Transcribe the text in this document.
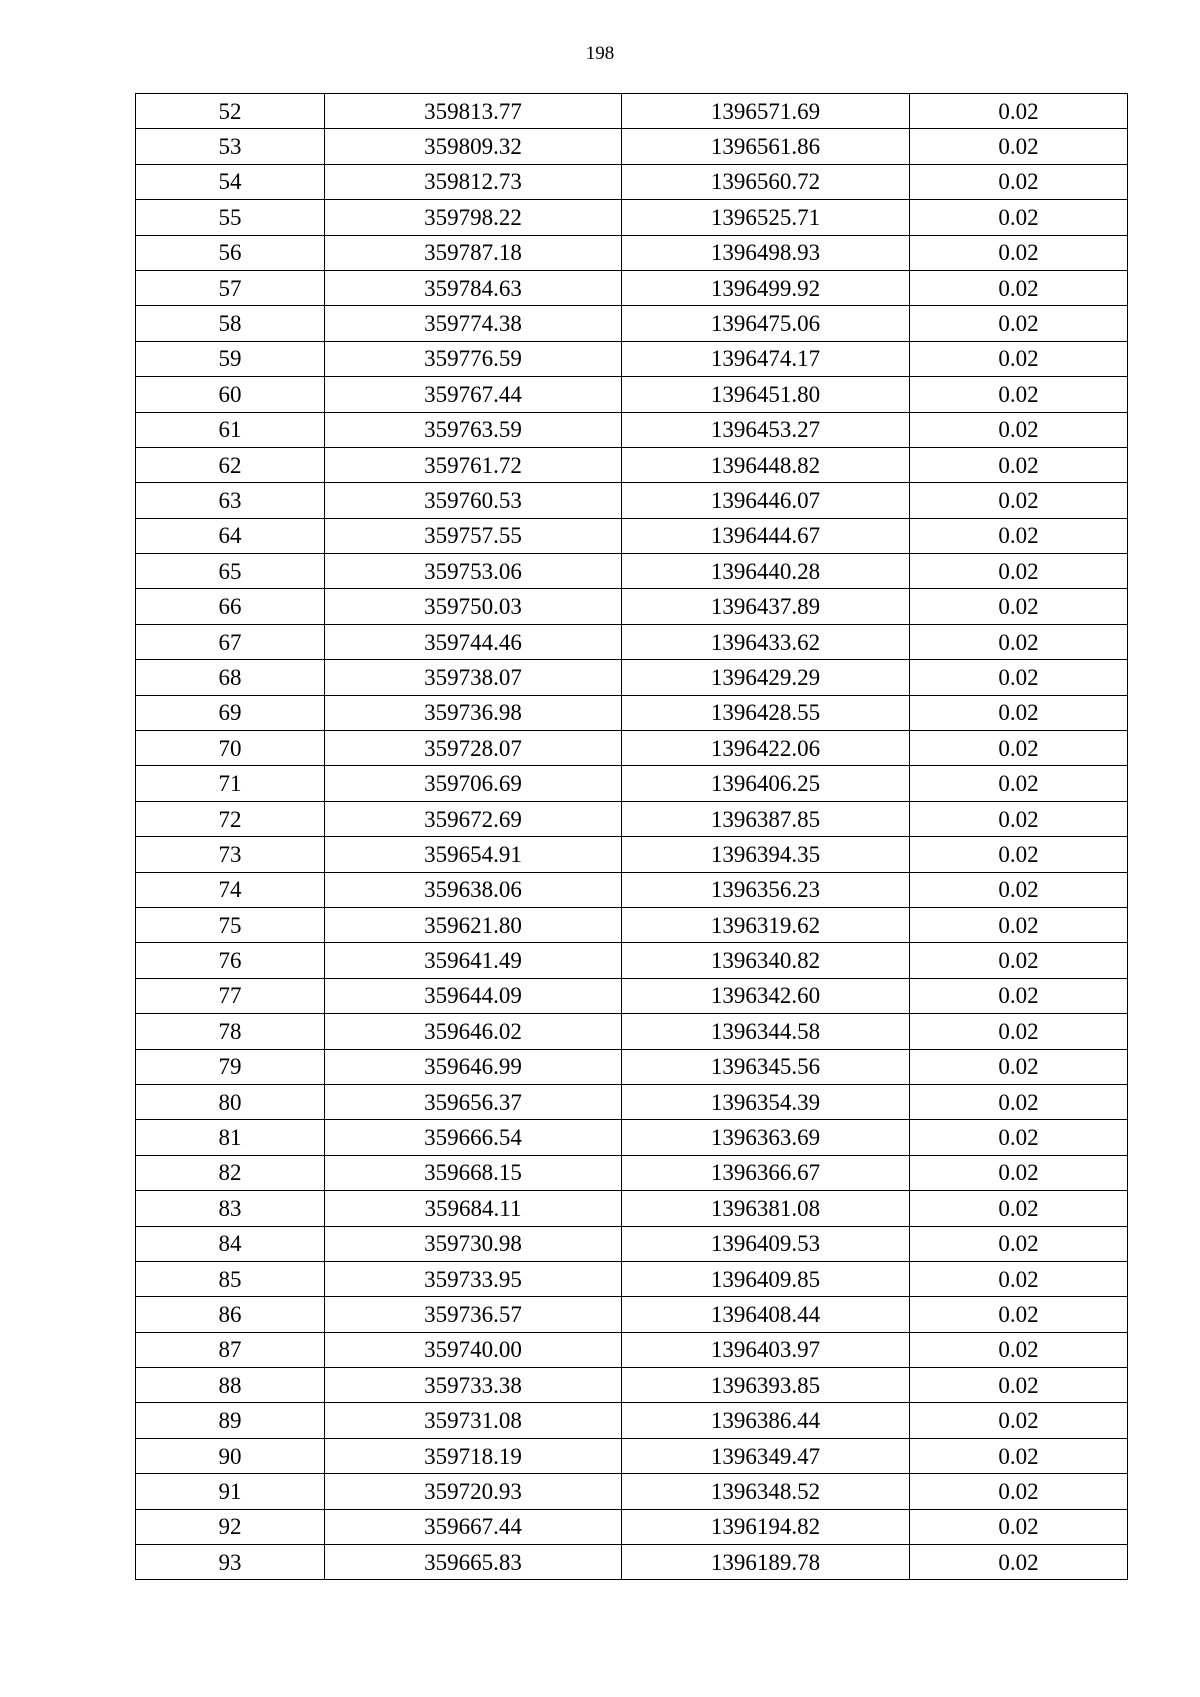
198
52	359813.77	1396571.69	0.02
53	359809.32	1396561.86	0.02
54	359812.73	1396560.72	0.02
55	359798.22	1396525.71	0.02
56	359787.18	1396498.93	0.02
57	359784.63	1396499.92	0.02
58	359774.38	1396475.06	0.02
59	359776.59	1396474.17	0.02
60	359767.44	1396451.80	0.02
61	359763.59	1396453.27	0.02
62	359761.72	1396448.82	0.02
63	359760.53	1396446.07	0.02
64	359757.55	1396444.67	0.02
65	359753.06	1396440.28	0.02
66	359750.03	1396437.89	0.02
67	359744.46	1396433.62	0.02
68	359738.07	1396429.29	0.02
69	359736.98	1396428.55	0.02
70	359728.07	1396422.06	0.02
71	359706.69	1396406.25	0.02
72	359672.69	1396387.85	0.02
73	359654.91	1396394.35	0.02
74	359638.06	1396356.23	0.02
75	359621.80	1396319.62	0.02
76	359641.49	1396340.82	0.02
77	359644.09	1396342.60	0.02
78	359646.02	1396344.58	0.02
79	359646.99	1396345.56	0.02
80	359656.37	1396354.39	0.02
81	359666.54	1396363.69	0.02
82	359668.15	1396366.67	0.02
83	359684.11	1396381.08	0.02
84	359730.98	1396409.53	0.02
85	359733.95	1396409.85	0.02
86	359736.57	1396408.44	0.02
87	359740.00	1396403.97	0.02
88	359733.38	1396393.85	0.02
89	359731.08	1396386.44	0.02
90	359718.19	1396349.47	0.02
91	359720.93	1396348.52	0.02
92	359667.44	1396194.82	0.02
93	359665.83	1396189.78	0.02
